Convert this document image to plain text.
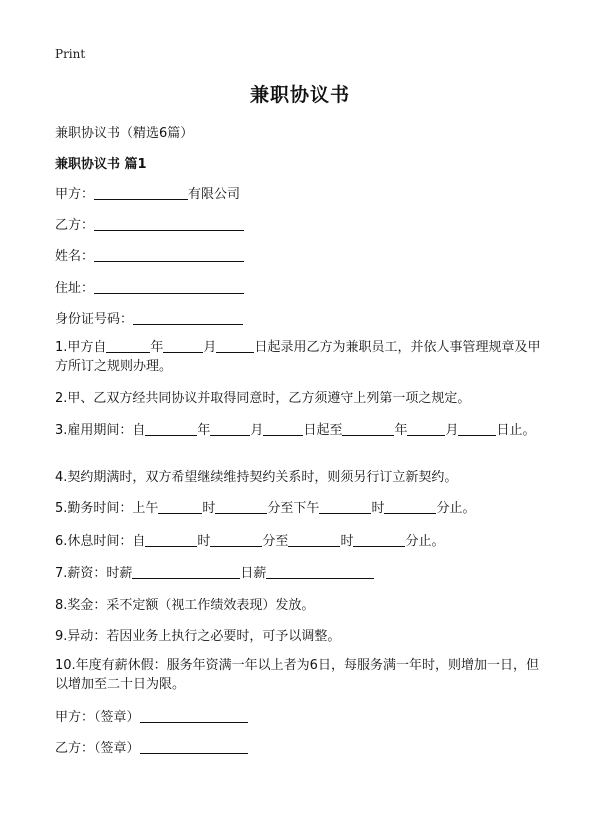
Print
兼职协议书
兼职协议书（精选6篇）
兼职协议书 篇1
甲方：	有限公司
乙方：
姓名：
住址：
身份证号码：
1.甲方自	年	月	日起录用乙方为兼职员工，并依人事管理规章及甲方所订之规则办理。
2.甲、乙双方经共同协议并取得同意时，乙方须遵守上列第一项之规定。
3.雇用期间：自	年	月	日起至	年	月	日止。
4.契约期满时，双方希望继续维持契约关系时，则须另行订立新契约。
5.勤务时间：上午	时	分至下午	时	分止。
6.休息时间：自	时	分至	时	分止。
7.薪资：时薪	日薪
8.奖金：采不定额（视工作绩效表现）发放。
9.异动：若因业务上执行之必要时，可予以调整。
10.年度有薪休假：服务年资满一年以上者为6日，每服务满一年时，则增加一日，但以增加至二十日为限。
甲方：（签章）
乙方：（签章）
